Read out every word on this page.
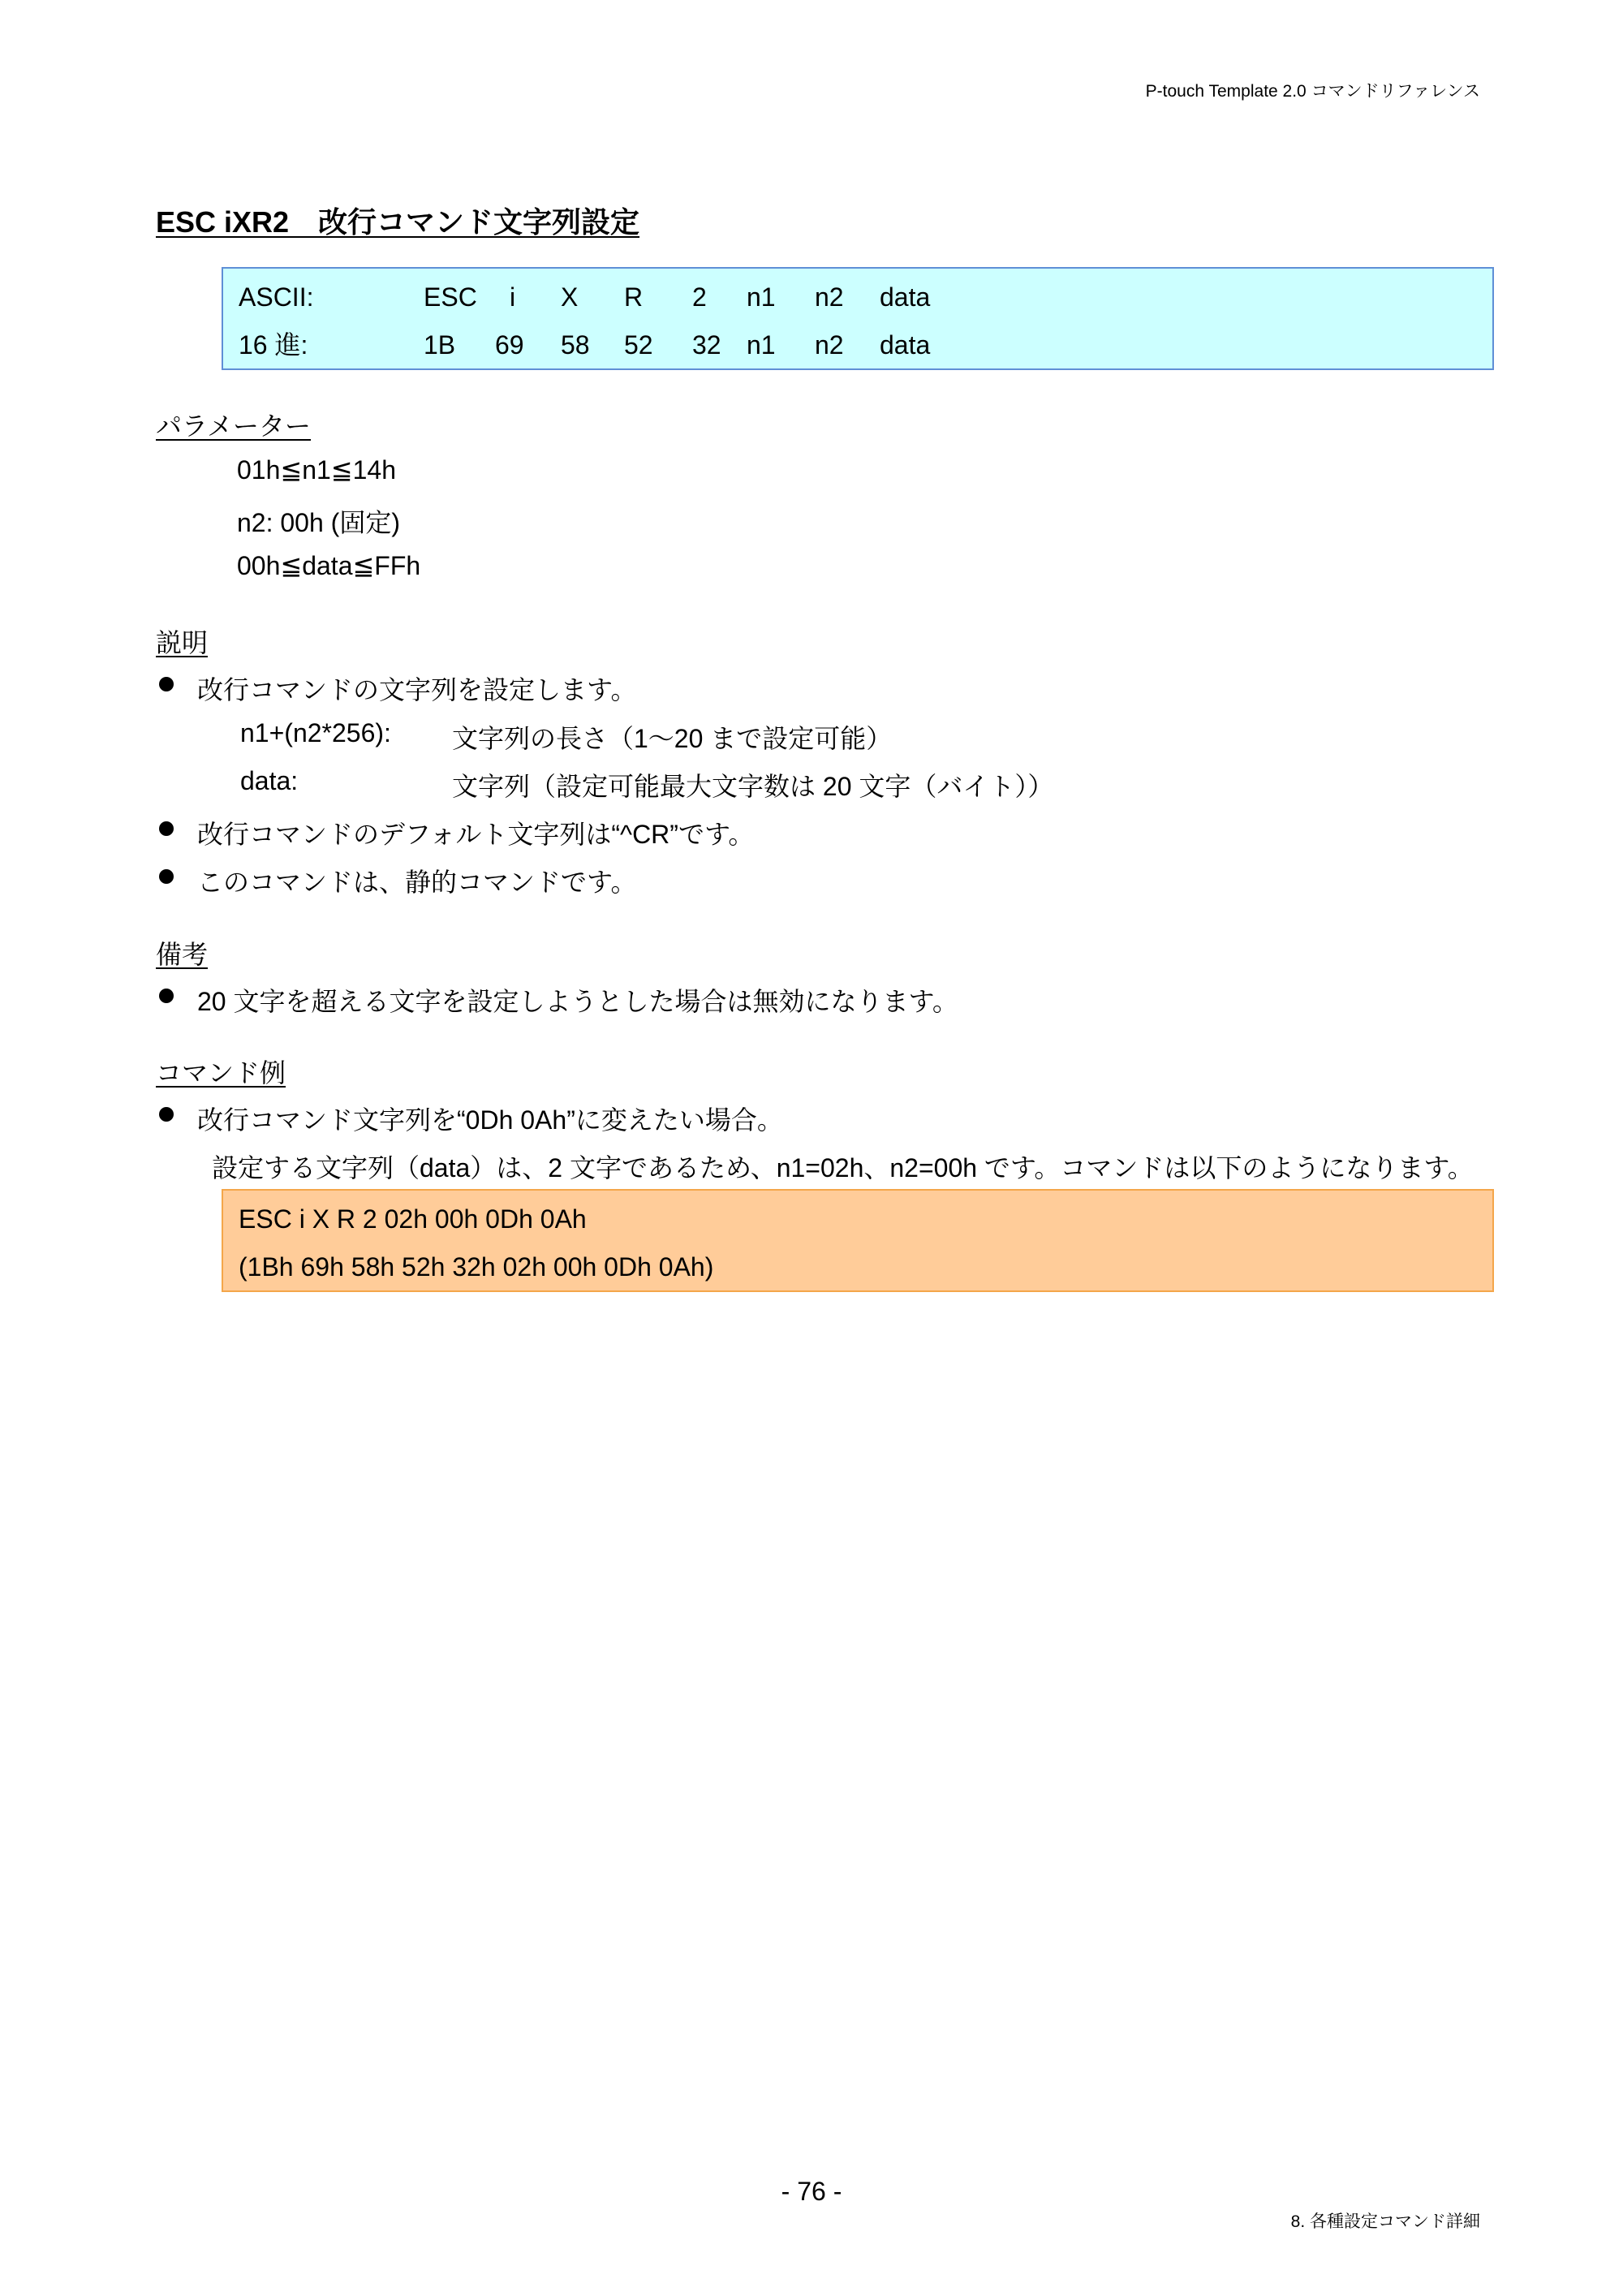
P-touch Template 2.0 コマンドリファレンス
ESC iXR2　改行コマンド文字列設定
ASCII:	ESC i X R 2 n1 n2 data
16 進:	1B 69 58 52 32 n1 n2 data
パラメーター
01h≦n1≦14h
n2: 00h (固定)
00h≦data≦FFh
説明
改行コマンドの文字列を設定します。
n1+(n2*256): 文字列の長さ（1～20 まで設定可能）
data:	文字列（設定可能最大文字数は 20 文字（バイト））
改行コマンドのデフォルト文字列は“^CR”です。
このコマンドは、静的コマンドです。
備考
20 文字を超える文字を設定しようとした場合は無効になります。
コマンド例
改行コマンド文字列を“0Dh 0Ah”に変えたい場合。
設定する文字列（data）は、2 文字であるため、n1=02h、n2=00h です。コマンドは以下のようになります。
ESC i X R 2 02h 00h 0Dh 0Ah
(1Bh 69h 58h 52h 32h 02h 00h 0Dh 0Ah)
- 76 -
8. 各種設定コマンド詳細
